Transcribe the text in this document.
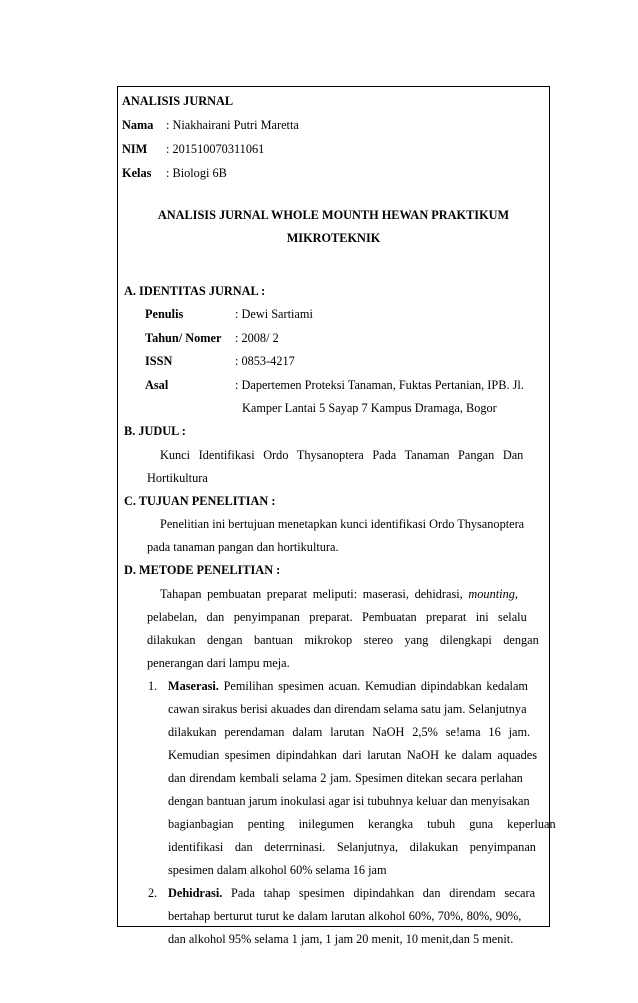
ANALISIS JURNAL
Nama : Niakhairani Putri Maretta
NIM : 201510070311061
Kelas : Biologi 6B
ANALISIS JURNAL WHOLE MOUNTH HEWAN PRAKTIKUM
MIKROTEKNIK
A. IDENTITAS JURNAL :
Penulis	: Dewi Sartiami
Tahun/ Nomer : 2008/ 2
ISSN	: 0853-4217
Asal	: Dapertemen Proteksi Tanaman, Fuktas Pertanian, IPB. Jl.
Kamper Lantai 5 Sayap 7 Kampus Dramaga, Bogor
B. JUDUL :
Kunci Identifikasi Ordo Thysanoptera Pada Tanaman Pangan Dan
Hortikultura
C. TUJUAN PENELITIAN :
Penelitian ini bertujuan menetapkan kunci identifikasi Ordo Thysanoptera
pada tanaman pangan dan hortikultura.
D. METODE PENELITIAN :
Tahapan pembuatan preparat meliputi: maserasi, dehidrasi, mounting,
pelabelan, dan penyimpanan preparat. Pembuatan preparat ini selalu
dilakukan dengan bantuan mikrokop stereo yang dilengkapi dengan
penerangan dari lampu meja.
1. Maserasi. Pemilihan spesimen acuan. Kemudian dipindabkan kedalam
cawan sirakus berisi akuades dan direndam selama satu jam. Selanjutnya
dilakukan perendaman dalam larutan NaOH 2,5% se!ama 16 jam.
Kemudian spesimen dipindahkan dari larutan NaOH ke dalam aquades
dan direndam kembali selama 2 jam. Spesimen ditekan secara perlahan
dengan bantuan jarum inokulasi agar isi tubuhnya keluar dan menyisakan
bagianbagian penting inilegumen kerangka tubuh guna keperluan
identifikasi dan deterrninasi. Selanjutnya, dilakukan penyimpanan
spesimen dalam alkohol 60% selama 16 jam
2. Dehidrasi. Pada tahap spesimen dipindahkan dan direndam secara
bertahap berturut turut ke dalam larutan alkohol 60%, 70%, 80%, 90%,
dan alkohol 95% selama 1 jam, 1 jam 20 menit, 10 menit,dan 5 menit.
